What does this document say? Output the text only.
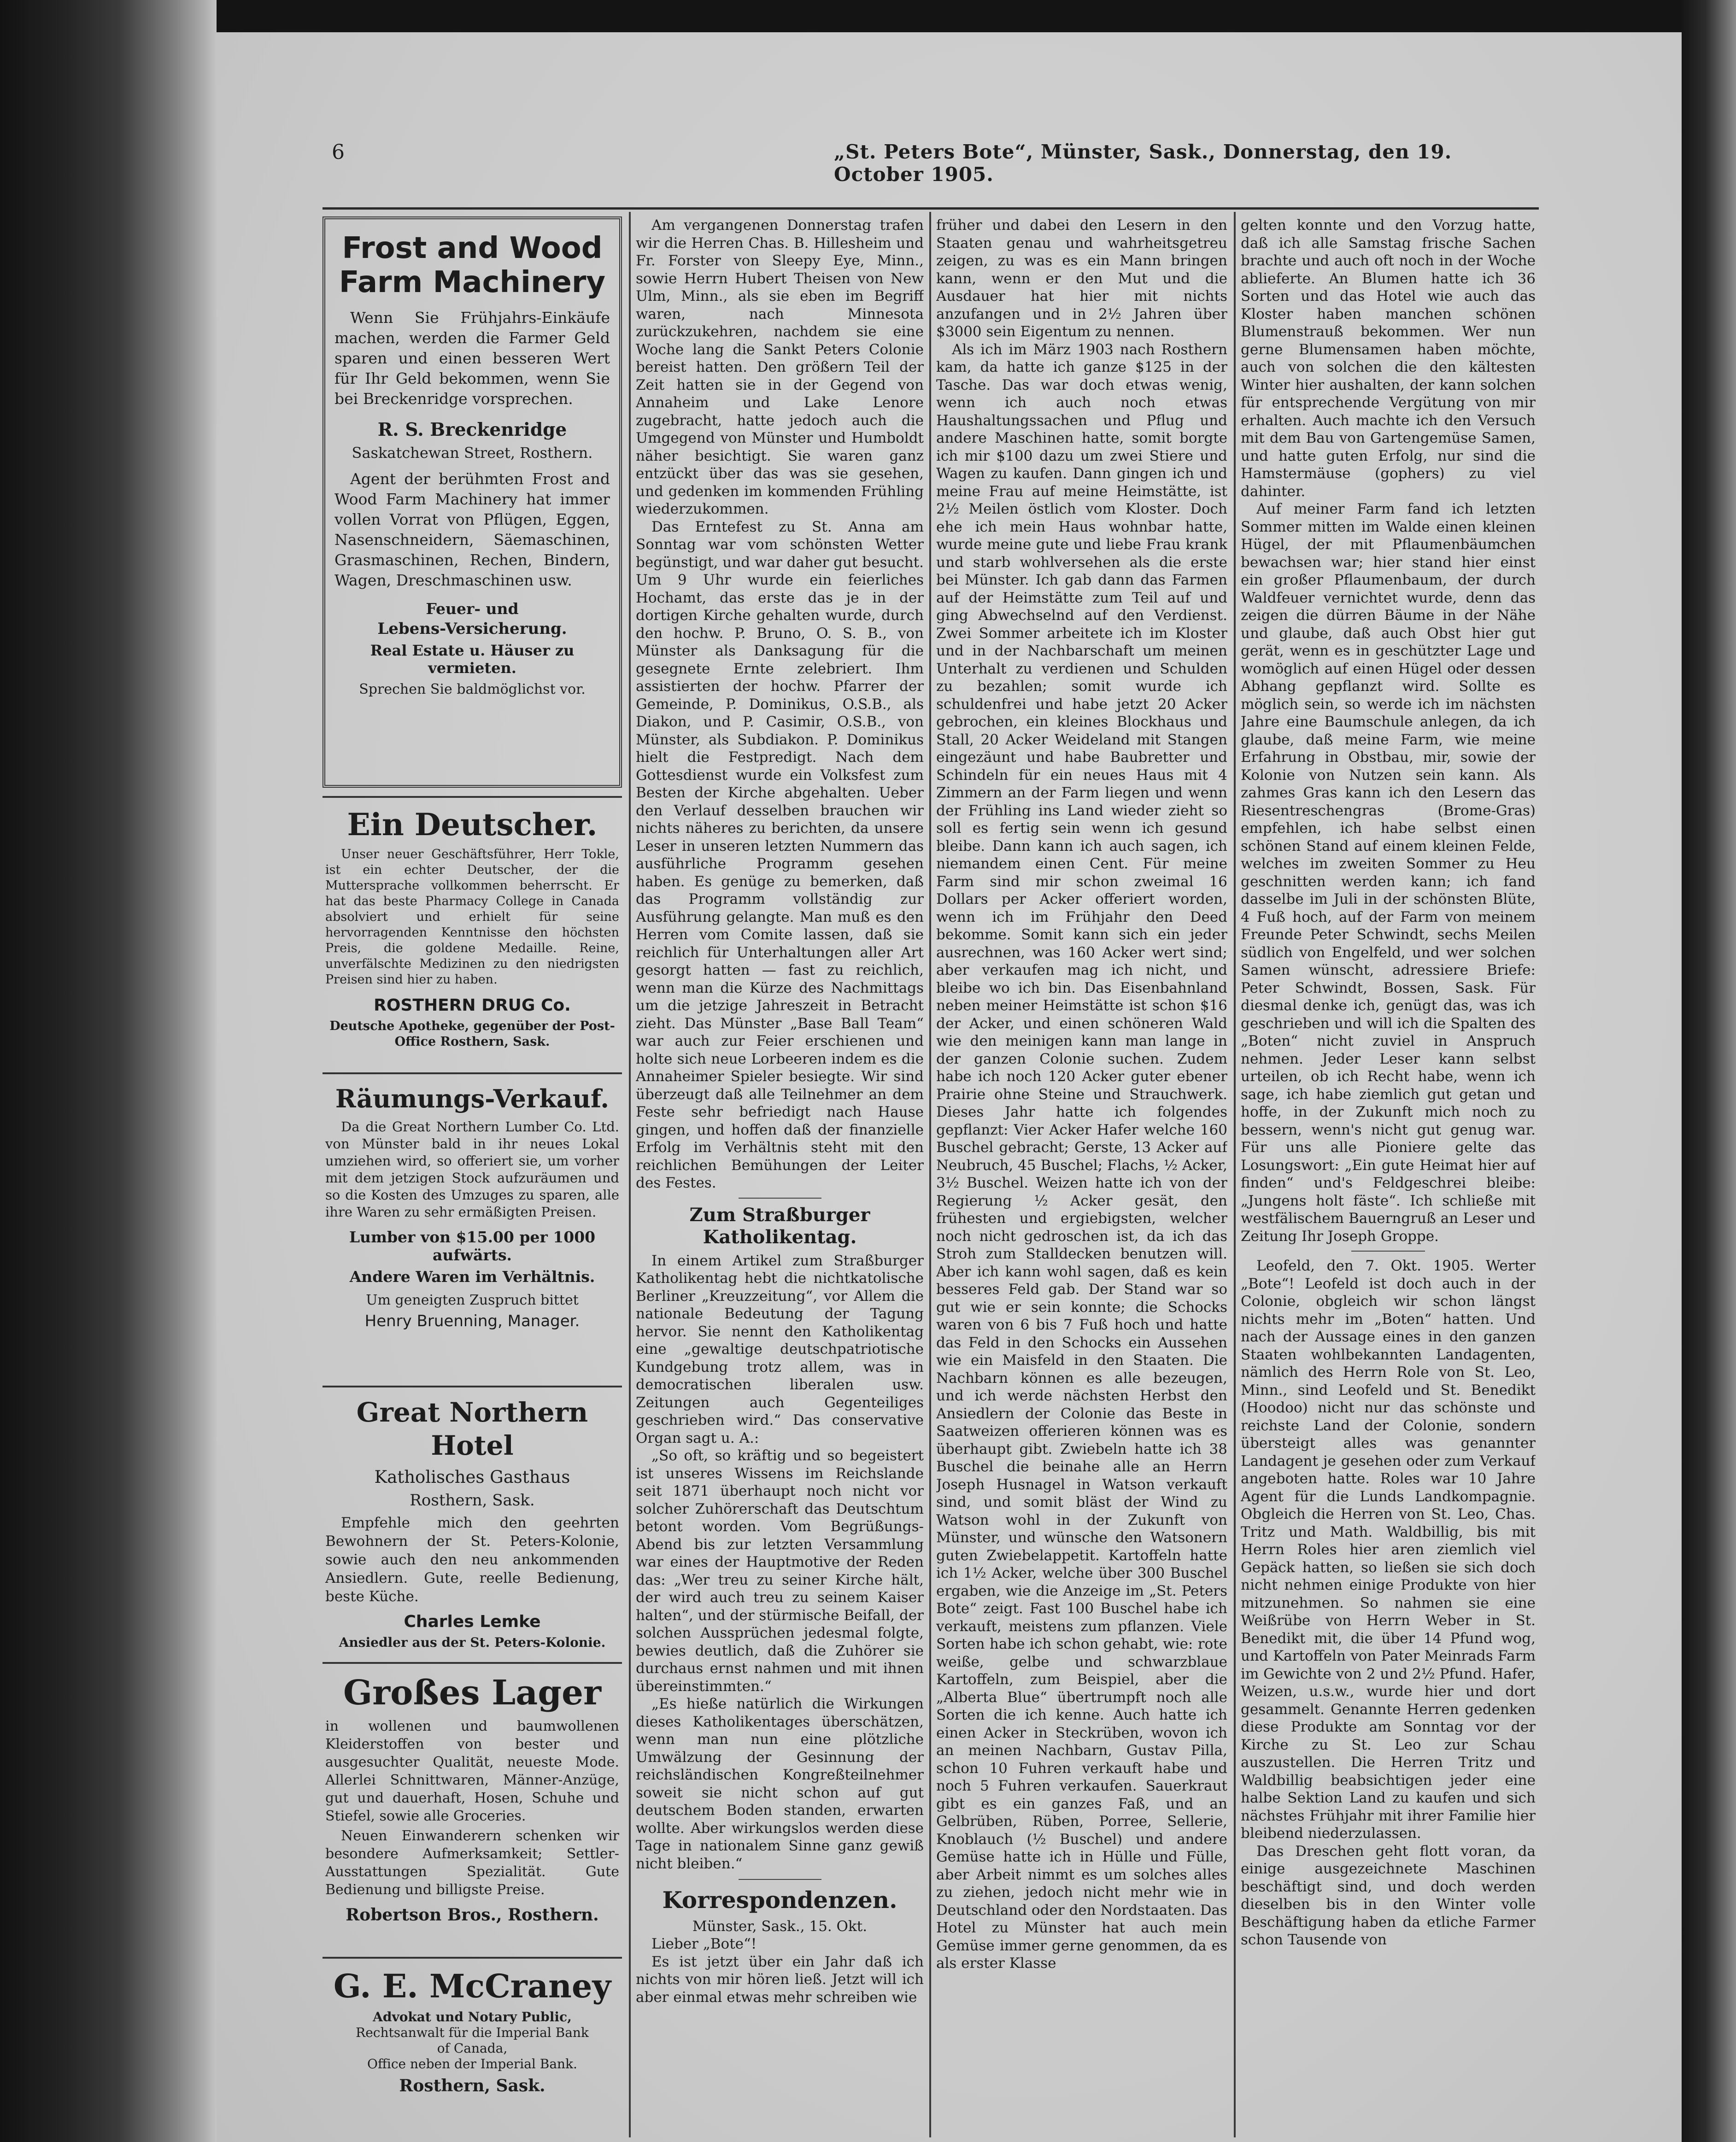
6	„St. Peters Bote“, Münster, Sask., Donnerstag, den 19. October 1905.

Frost and Wood

Farm Machinery

Wenn Sie Frühjahrs-Einkäufe machen, werden die Farmer Geld sparen und einen besseren Wert für Ihr Geld bekommen, wenn Sie bei Breckenridge vorsprechen.

R. S. Breckenridge

Saskatchewan Street, Rosthern.

Agent der berühmten Frost and Wood Farm Machinery hat immer vollen Vorrat von Pflügen, Eggen, Nasenschneidern, Säemaschinen, Grasmaschinen, Rechen, Bindern, Wagen, Dreschmaschinen usw.

Feuer- und

Lebens-Versicherung.

Real Estate u. Häuser zu vermieten.

Sprechen Sie baldmöglichst vor.

Ein Deutscher.

Unser neuer Geschäftsführer, Herr Tokle, ist ein echter Deutscher, der die Muttersprache vollkommen beherrscht. Er hat das beste Pharmacy College in Canada absolviert und erhielt für seine hervorragenden Kenntnisse den höchsten Preis, die goldene Medaille. Reine, unverfälschte Medizinen zu den niedrigsten Preisen sind hier zu haben.

ROSTHERN DRUG Co.

Deutsche Apotheke, gegenüber der Post-Office Rosthern, Sask.

Räumungs-Verkauf.

Da die Great Northern Lumber Co. Ltd. von Münster bald in ihr neues Lokal umziehen wird, so offeriert sie, um vorher mit dem jetzigen Stock aufzuräumen und so die Kosten des Umzuges zu sparen, alle ihre Waren zu sehr ermäßigten Preisen.

Lumber von $15.00 per 1000

aufwärts.

Andere Waren im Verhältnis.

Um geneigten Zuspruch bittet

Henry Bruenning, Manager.

Great Northern Hotel

Katholisches Gasthaus

Rosthern, Sask.

Empfehle mich den geehrten Bewohnern der St. Peters-Kolonie, sowie auch den neu ankommenden Ansiedlern. Gute, reelle Bedienung, beste Küche.

Charles Lemke

Ansiedler aus der St. Peters-Kolonie.

Großes Lager

in wollenen und baumwollenen Kleiderstoffen von bester und ausgesuchter Qualität, neueste Mode. Allerlei Schnittwaren, Männer-Anzüge, gut und dauerhaft, Hosen, Schuhe und Stiefel, sowie alle Groceries.

Neuen Einwanderern schenken wir besondere Aufmerksamkeit; Settler-Ausstattungen Spezialität. Gute Bedienung und billigste Preise.

Robertson Bros., Rosthern.

G. E. McCraney

Advokat und Notary Public,

Rechtsanwalt für die Imperial Bank

of Canada,

Office neben der Imperial Bank.

Rosthern, Sask.

Am vergangenen Donnerstag trafen wir die Herren Chas. B. Hillesheim und Fr. Forster von Sleepy Eye, Minn., sowie Herrn Hubert Theisen von New Ulm, Minn., als sie eben im Begriff waren, nach Minnesota zurückzukehren, nachdem sie eine Woche lang die Sankt Peters Colonie bereist hatten. Den größern Teil der Zeit hatten sie in der Gegend von Annaheim und Lake Lenore zugebracht, hatte jedoch auch die Umgegend von Münster und Humboldt näher besichtigt. Sie waren ganz entzückt über das was sie gesehen, und gedenken im kommenden Frühling wiederzukommen.

Das Erntefest zu St. Anna am Sonntag war vom schönsten Wetter begünstigt, und war daher gut besucht. Um 9 Uhr wurde ein feierliches Hochamt, das erste das je in der dortigen Kirche gehalten wurde, durch den hochw. P. Bruno, O. S. B., von Münster als Danksagung für die gesegnete Ernte zelebriert. Ihm assistierten der hochw. Pfarrer der Gemeinde, P. Dominikus, O.S.B., als Diakon, und P. Casimir, O.S.B., von Münster, als Subdiakon. P. Dominikus hielt die Festpredigt. Nach dem Gottesdienst wurde ein Volksfest zum Besten der Kirche abgehalten. Ueber den Verlauf desselben brauchen wir nichts näheres zu berichten, da unsere Leser in unseren letzten Nummern das ausführliche Programm gesehen haben. Es genüge zu bemerken, daß das Programm vollständig zur Ausführung gelangte. Man muß es den Herren vom Comite lassen, daß sie reichlich für Unterhaltungen aller Art gesorgt hatten — fast zu reichlich, wenn man die Kürze des Nachmittags um die jetzige Jahreszeit in Betracht zieht. Das Münster „Base Ball Team“ war auch zur Feier erschienen und holte sich neue Lorbeeren indem es die Annaheimer Spieler besiegte. Wir sind überzeugt daß alle Teilnehmer an dem Feste sehr befriedigt nach Hause gingen, und hoffen daß der finanzielle Erfolg im Verhältnis steht mit den reichlichen Bemühungen der Leiter des Festes.

Zum Straßburger

Katholikentag.

In einem Artikel zum Straßburger Katholikentag hebt die nichtkatolische Berliner „Kreuzzeitung“, vor Allem die nationale Bedeutung der Tagung hervor. Sie nennt den Katholikentag eine „gewaltige deutschpatriotische Kundgebung trotz allem, was in democratischen liberalen usw. Zeitungen auch Gegenteiliges geschrieben wird.“ Das conservative Organ sagt u. A.:

„So oft, so kräftig und so begeistert ist unseres Wissens im Reichslande seit 1871 überhaupt noch nicht vor solcher Zuhörerschaft das Deutschtum betont worden. Vom Begrüßungs-Abend bis zur letzten Versammlung war eines der Hauptmotive der Reden das: „Wer treu zu seiner Kirche hält, der wird auch treu zu seinem Kaiser halten“, und der stürmische Beifall, der solchen Aussprüchen jedesmal folgte, bewies deutlich, daß die Zuhörer sie durchaus ernst nahmen und mit ihnen übereinstimmten.“

„Es hieße natürlich die Wirkungen dieses Katholikentages überschätzen, wenn man nun eine plötzliche Umwälzung der Gesinnung der reichsländischen Kongreßteilnehmer soweit sie nicht schon auf gut deutschem Boden standen, erwarten wollte. Aber wirkungslos werden diese Tage in nationalem Sinne ganz gewiß nicht bleiben.“

Korrespondenzen.

Münster, Sask., 15. Okt.

Lieber „Bote“!

Es ist jetzt über ein Jahr daß ich nichts von mir hören ließ. Jetzt will ich aber einmal etwas mehr schreiben wie

früher und dabei den Lesern in den Staaten genau und wahrheitsgetreu zeigen, zu was es ein Mann bringen kann, wenn er den Mut und die Ausdauer hat hier mit nichts anzufangen und in 2½ Jahren über $3000 sein Eigentum zu nennen.

Als ich im März 1903 nach Rosthern kam, da hatte ich ganze $125 in der Tasche. Das war doch etwas wenig, wenn ich auch noch etwas Haushaltungssachen und Pflug und andere Maschinen hatte, somit borgte ich mir $100 dazu um zwei Stiere und Wagen zu kaufen. Dann gingen ich und meine Frau auf meine Heimstätte, ist 2½ Meilen östlich vom Kloster. Doch ehe ich mein Haus wohnbar hatte, wurde meine gute und liebe Frau krank und starb wohlversehen als die erste bei Münster. Ich gab dann das Farmen auf der Heimstätte zum Teil auf und ging Abwechselnd auf den Verdienst. Zwei Sommer arbeitete ich im Kloster und in der Nachbarschaft um meinen Unterhalt zu verdienen und Schulden zu bezahlen; somit wurde ich schuldenfrei und habe jetzt 20 Acker gebrochen, ein kleines Blockhaus und Stall, 20 Acker Weideland mit Stangen eingezäunt und habe Baubretter und Schindeln für ein neues Haus mit 4 Zimmern an der Farm liegen und wenn der Frühling ins Land wieder zieht so soll es fertig sein wenn ich gesund bleibe. Dann kann ich auch sagen, ich niemandem einen Cent. Für meine Farm sind mir schon zweimal 16 Dollars per Acker offeriert worden, wenn ich im Frühjahr den Deed bekomme. Somit kann sich ein jeder ausrechnen, was 160 Acker wert sind; aber verkaufen mag ich nicht, und bleibe wo ich bin. Das Eisenbahnland neben meiner Heimstätte ist schon $16 der Acker, und einen schöneren Wald wie den meinigen kann man lange in der ganzen Colonie suchen. Zudem habe ich noch 120 Acker guter ebener Prairie ohne Steine und Strauchwerk. Dieses Jahr hatte ich folgendes gepflanzt: Vier Acker Hafer welche 160 Buschel gebracht; Gerste, 13 Acker auf Neubruch, 45 Buschel; Flachs, ½ Acker, 3½ Buschel. Weizen hatte ich von der Regierung ½ Acker gesät, den frühesten und ergiebigsten, welcher noch nicht gedroschen ist, da ich das Stroh zum Stalldecken benutzen will. Aber ich kann wohl sagen, daß es kein besseres Feld gab. Der Stand war so gut wie er sein konnte; die Schocks waren von 6 bis 7 Fuß hoch und hatte das Feld in den Schocks ein Aussehen wie ein Maisfeld in den Staaten. Die Nachbarn können es alle bezeugen, und ich werde nächsten Herbst den Ansiedlern der Colonie das Beste in Saatweizen offerieren können was es überhaupt gibt. Zwiebeln hatte ich 38 Buschel die beinahe alle an Herrn Joseph Husnagel in Watson verkauft sind, und somit bläst der Wind zu Watson wohl in der Zukunft von Münster, und wünsche den Watsonern guten Zwiebelappetit. Kartoffeln hatte ich 1½ Acker, welche über 300 Buschel ergaben, wie die Anzeige im „St. Peters Bote“ zeigt. Fast 100 Buschel habe ich verkauft, meistens zum pflanzen. Viele Sorten habe ich schon gehabt, wie: rote weiße, gelbe und schwarzblaue Kartoffeln, zum Beispiel, aber die „Alberta Blue“ übertrumpft noch alle Sorten die ich kenne. Auch hatte ich einen Acker in Steckrüben, wovon ich an meinen Nachbarn, Gustav Pilla, schon 10 Fuhren verkauft habe und noch 5 Fuhren verkaufen. Sauerkraut gibt es ein ganzes Faß, und an Gelbrüben, Rüben, Porree, Sellerie, Knoblauch (½ Buschel) und andere Gemüse hatte ich in Hülle und Fülle, aber Arbeit nimmt es um solches alles zu ziehen, jedoch nicht mehr wie in Deutschland oder den Nordstaaten. Das Hotel zu Münster hat auch mein Gemüse immer gerne genommen, da es als erster Klasse

gelten konnte und den Vorzug hatte, daß ich alle Samstag frische Sachen brachte und auch oft noch in der Woche ablieferte. An Blumen hatte ich 36 Sorten und das Hotel wie auch das Kloster haben manchen schönen Blumenstrauß bekommen. Wer nun gerne Blumensamen haben möchte, auch von solchen die den kältesten Winter hier aushalten, der kann solchen für entsprechende Vergütung von mir erhalten. Auch machte ich den Versuch mit dem Bau von Gartengemüse Samen, und hatte guten Erfolg, nur sind die Hamstermäuse (gophers) zu viel dahinter.

Auf meiner Farm fand ich letzten Sommer mitten im Walde einen kleinen Hügel, der mit Pflaumenbäumchen bewachsen war; hier stand hier einst ein großer Pflaumenbaum, der durch Waldfeuer vernichtet wurde, denn das zeigen die dürren Bäume in der Nähe und glaube, daß auch Obst hier gut gerät, wenn es in geschützter Lage und womöglich auf einen Hügel oder dessen Abhang gepflanzt wird. Sollte es möglich sein, so werde ich im nächsten Jahre eine Baumschule anlegen, da ich glaube, daß meine Farm, wie meine Erfahrung in Obstbau, mir, sowie der Kolonie von Nutzen sein kann. Als zahmes Gras kann ich den Lesern das Riesentreschengras (Brome-Gras) empfehlen, ich habe selbst einen schönen Stand auf einem kleinen Felde, welches im zweiten Sommer zu Heu geschnitten werden kann; ich fand dasselbe im Juli in der schönsten Blüte, 4 Fuß hoch, auf der Farm von meinem Freunde Peter Schwindt, sechs Meilen südlich von Engelfeld, und wer solchen Samen wünscht, adressiere Briefe: Peter Schwindt, Bossen, Sask. Für diesmal denke ich, genügt das, was ich geschrieben und will ich die Spalten des „Boten“ nicht zuviel in Anspruch nehmen. Jeder Leser kann selbst urteilen, ob ich Recht habe, wenn ich sage, ich habe ziemlich gut getan und hoffe, in der Zukunft mich noch zu bessern, wenn's nicht gut genug war. Für uns alle Pioniere gelte das Losungswort: „Ein gute Heimat hier auf finden“ und's Feldgeschrei bleibe: „Jungens holt fäste“. Ich schließe mit westfälischem Bauerngruß an Leser und Zeitung Ihr Joseph Groppe.

Leofeld, den 7. Okt. 1905. Werter „Bote“! Leofeld ist doch auch in der Colonie, obgleich wir schon längst nichts mehr im „Boten“ hatten. Und nach der Aussage eines in den ganzen Staaten wohlbekannten Landagenten, nämlich des Herrn Role von St. Leo, Minn., sind Leofeld und St. Benedikt (Hoodoo) nicht nur das schönste und reichste Land der Colonie, sondern übersteigt alles was genannter Landagent je gesehen oder zum Verkauf angeboten hatte. Roles war 10 Jahre Agent für die Lunds Landkompagnie. Obgleich die Herren von St. Leo, Chas. Tritz und Math. Waldbillig, bis mit Herrn Roles hier aren ziemlich viel Gepäck hatten, so ließen sie sich doch nicht nehmen einige Produkte von hier mitzunehmen. So nahmen sie eine Weißrübe von Herrn Weber in St. Benedikt mit, die über 14 Pfund wog, und Kartoffeln von Pater Meinrads Farm im Gewichte von 2 und 2½ Pfund. Hafer, Weizen, u.s.w., wurde hier und dort gesammelt. Genannte Herren gedenken diese Produkte am Sonntag vor der Kirche zu St. Leo zur Schau auszustellen. Die Herren Tritz und Waldbillig beabsichtigen jeder eine halbe Sektion Land zu kaufen und sich nächstes Frühjahr mit ihrer Familie hier bleibend niederzulassen.

Das Dreschen geht flott voran, da einige ausgezeichnete Maschinen beschäftigt sind, und doch werden dieselben bis in den Winter volle Beschäftigung haben da etliche Farmer schon Tausende von
